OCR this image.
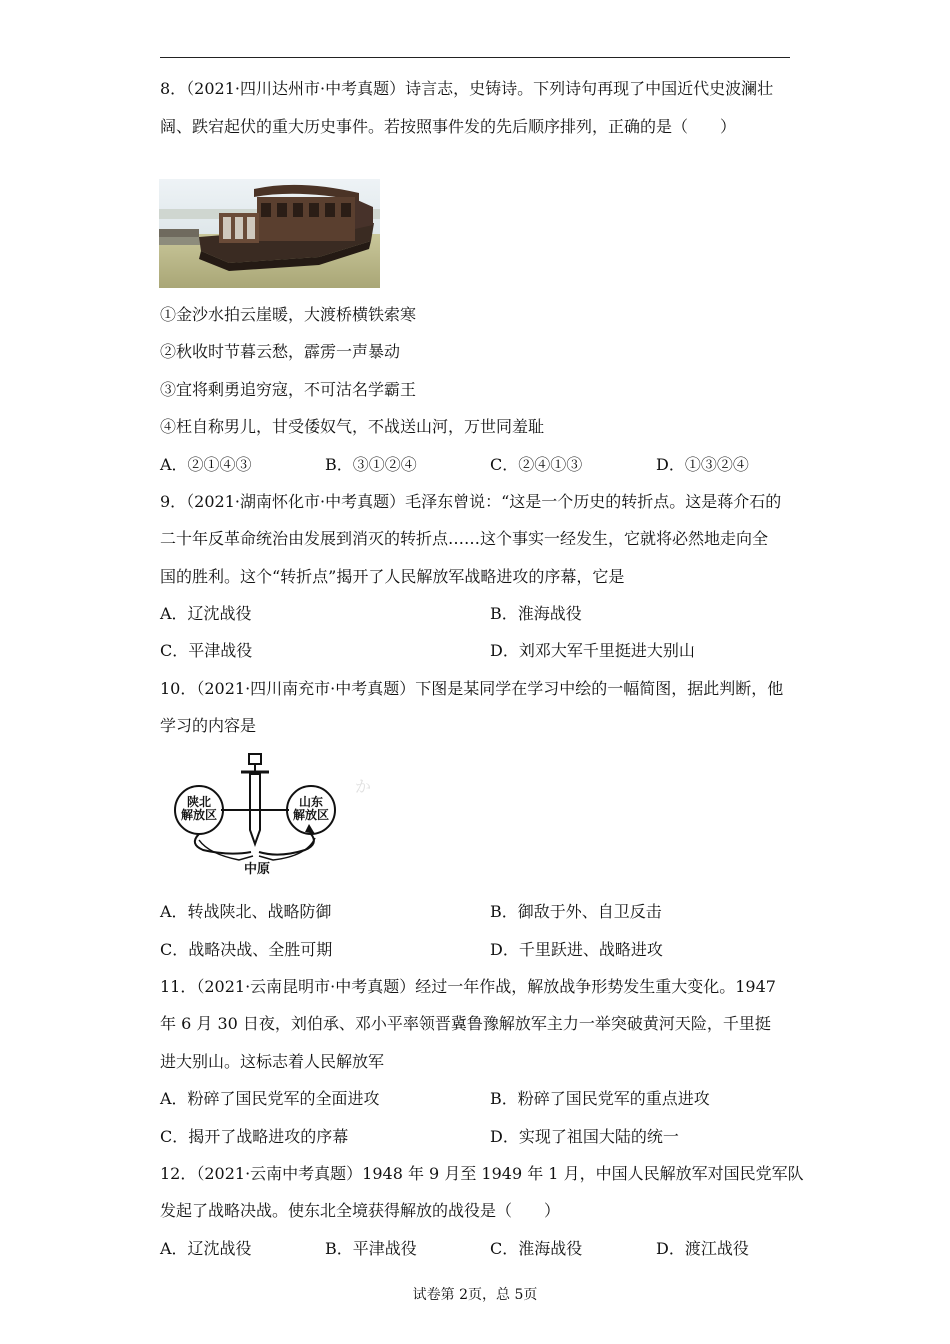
8．（2021·四川达州市·中考真题）诗言志，史铸诗。下列诗句再现了中国近代史波澜壮
阔、跌宕起伏的重大历史事件。若按照事件发的先后顺序排列，正确的是（　　）
①金沙水拍云崖暖，大渡桥横铁索寒
②秋收时节暮云愁，霹雳一声暴动
③宜将剩勇追穷寇，不可沽名学霸王
④枉自称男儿，甘受倭奴气，不战送山河，万世同羞耻
A．②①④③	B．③①②④	C．②④①③	D．①③②④
9．（2021·湖南怀化市·中考真题）毛泽东曾说：“这是一个历史的转折点。这是蒋介石的
二十年反革命统治由发展到消灭的转折点……这个事实一经发生，它就将必然地走向全
国的胜利。这个“转折点”揭开了人民解放军战略进攻的序幕，它是
A．辽沈战役	B．淮海战役
C．平津战役	D．刘邓大军千里挺进大别山
10．（2021·四川南充市·中考真题）下图是某同学在学习中绘的一幅简图，据此判断，他
学习的内容是
か
陕北
解放区
山东
解放区
中原
A．转战陕北、战略防御	B．御敌于外、自卫反击
C．战略决战、全胜可期	D．千里跃进、战略进攻
11．（2021·云南昆明市·中考真题）经过一年作战，解放战争形势发生重大变化。1947
年 6 月 30 日夜，刘伯承、邓小平率领晋冀鲁豫解放军主力一举突破黄河天险，千里挺
进大别山。这标志着人民解放军
A．粉碎了国民党军的全面进攻	B．粉碎了国民党军的重点进攻
C．揭开了战略进攻的序幕	D．实现了祖国大陆的统一
12．（2021·云南中考真题）1948 年 9 月至 1949 年 1 月，中国人民解放军对国民党军队
发起了战略决战。使东北全境获得解放的战役是（　　）
A．辽沈战役	B．平津战役	C．淮海战役	D．渡江战役
试卷第 2页，总 5页
